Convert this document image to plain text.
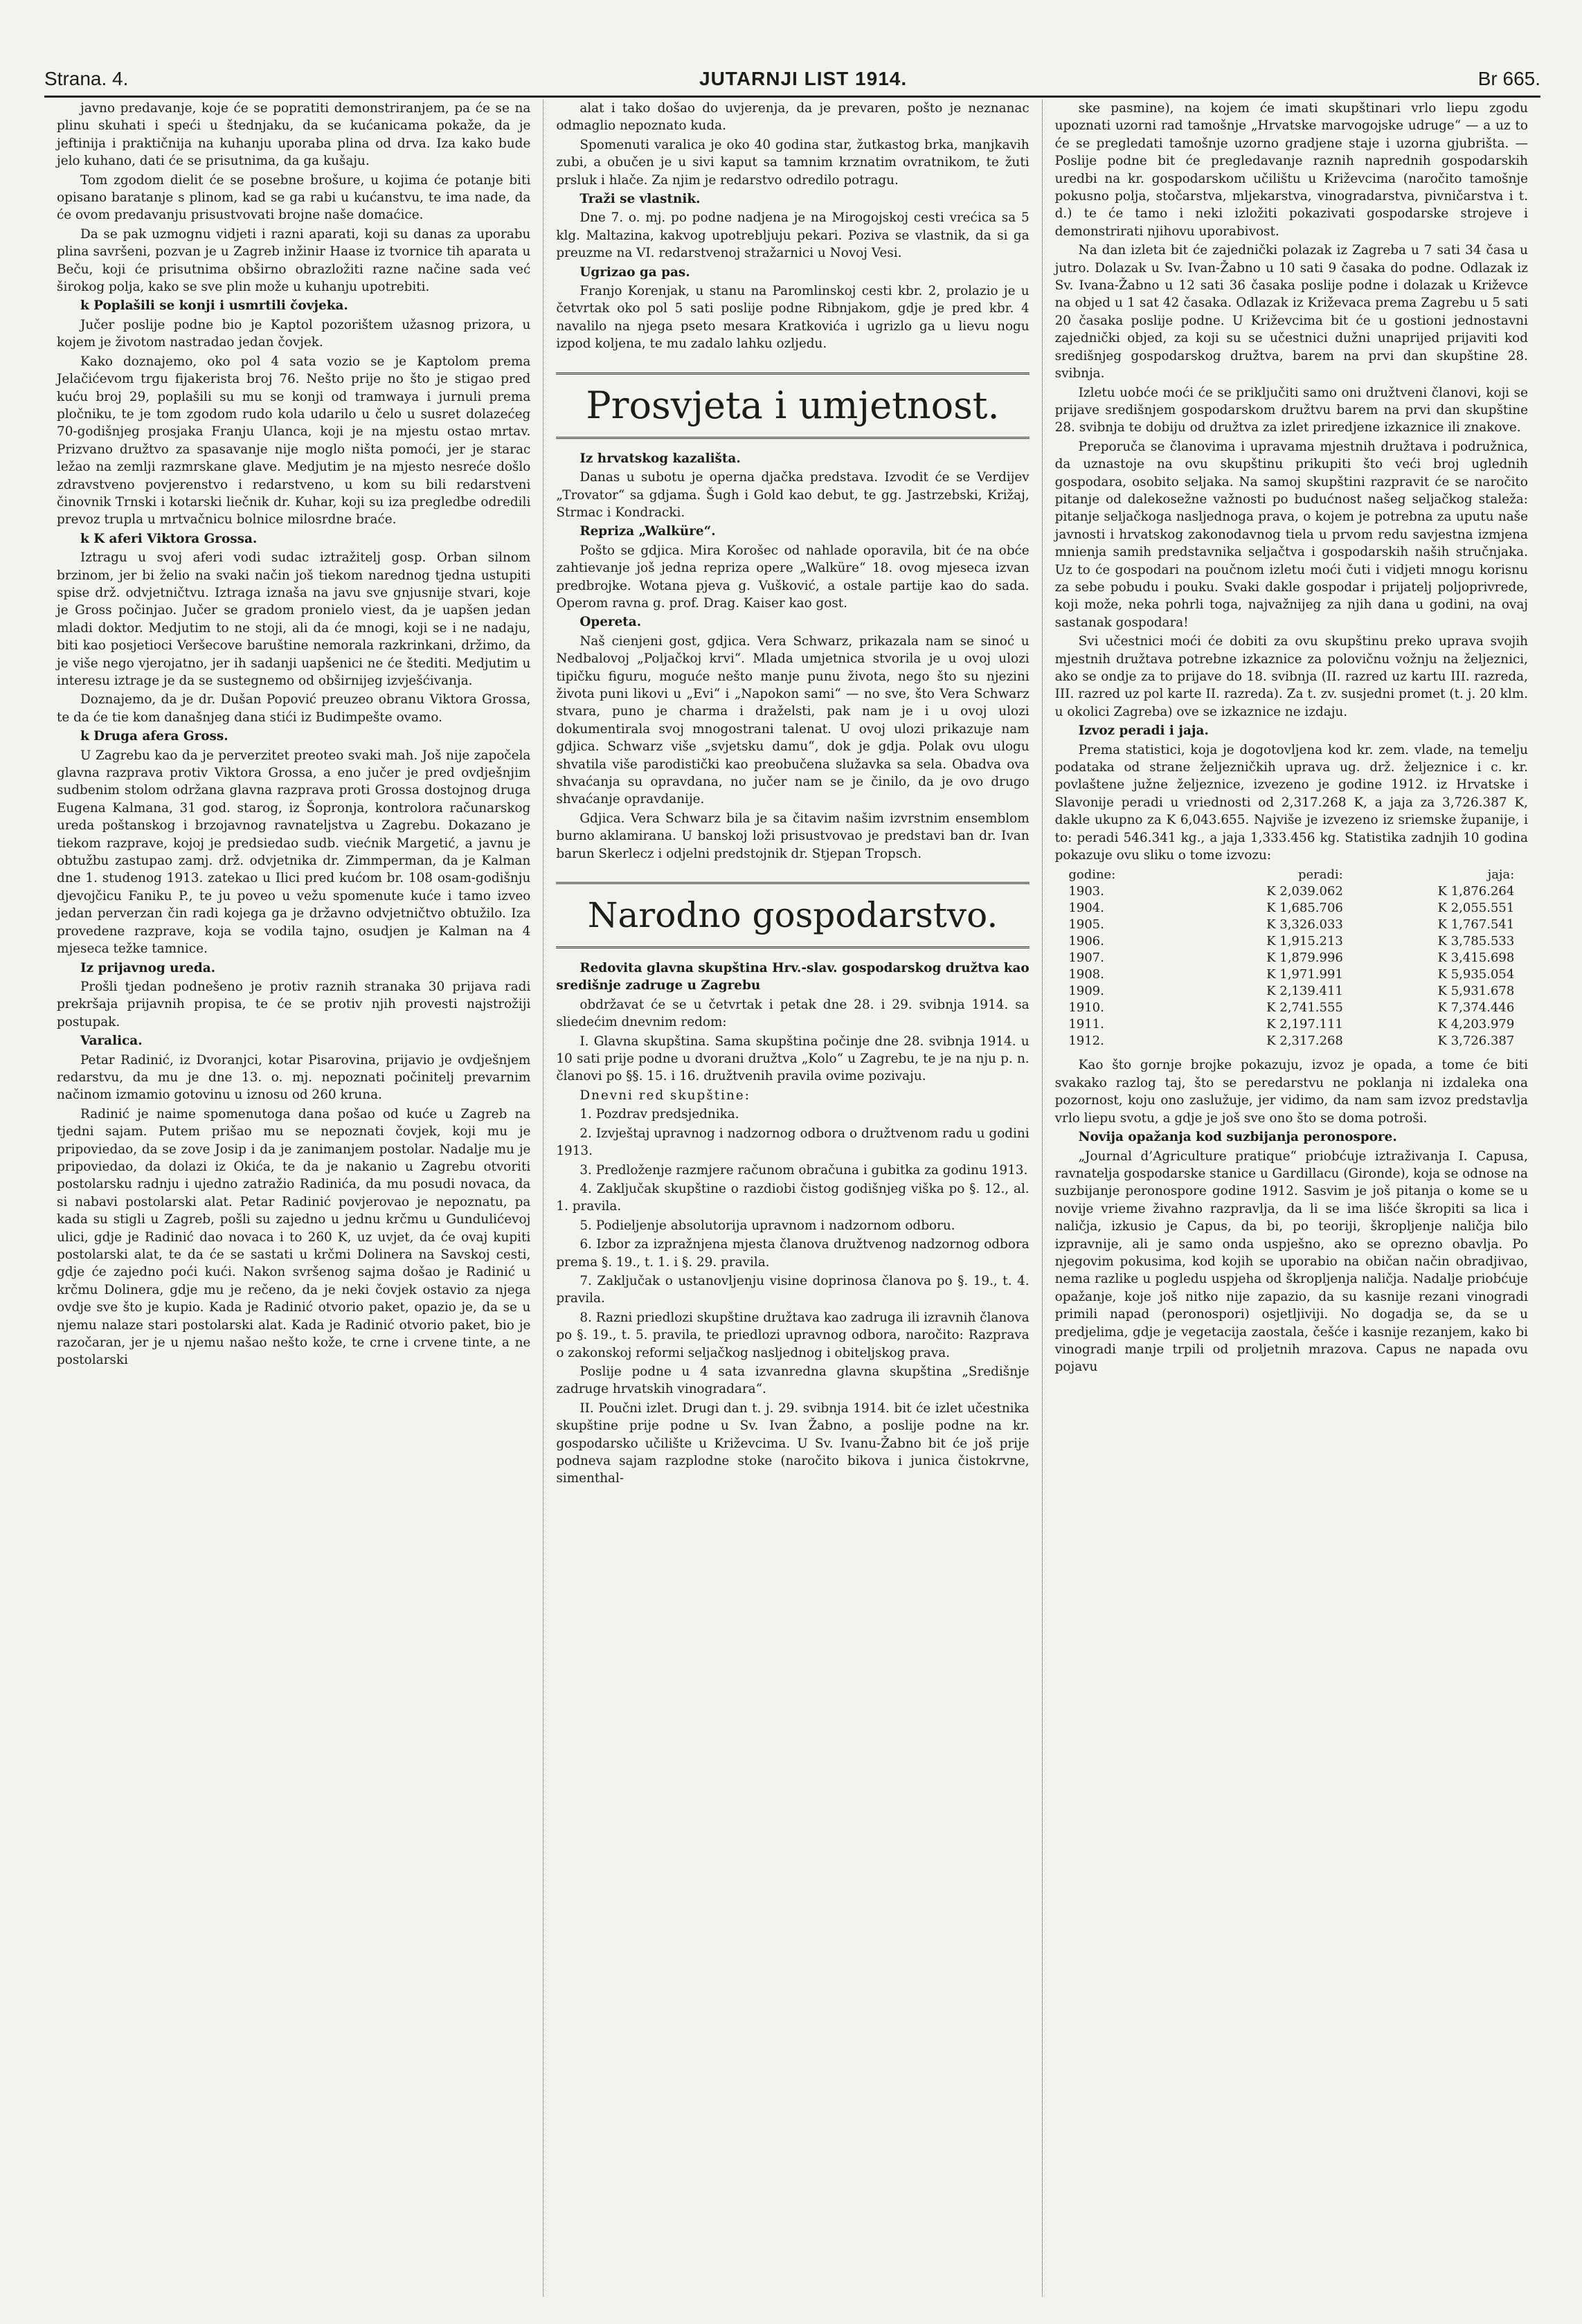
Strana. 4.	JUTARNJI LIST 1914.	Br 665.

javno predavanje, koje će se popratiti demonstriranjem, pa će se na plinu skuhati i speći u štednjaku, da se kućanicama pokaže, da je jeftinija i praktičnija na kuhanju uporaba plina od drva. Iza kako bude jelo kuhano, dati će se prisutnima, da ga kušaju.

Tom zgodom dielit će se posebne brošure, u kojima će potanje biti opisano baratanje s plinom, kad se ga rabi u kućanstvu, te ima nade, da će ovom predavanju prisustvovati brojne naše domaćice.

Da se pak uzmognu vidjeti i razni aparati, koji su danas za uporabu plina savršeni, pozvan je u Zagreb inžinir Haase iz tvornice tih aparata u Beču, koji će prisutnima obširno obrazložiti razne načine sada već širokog polja, kako se sve plin može u kuhanju upotrebiti.

k Poplašili se konji i usmrtili čovjeka.

Jučer poslije podne bio je Kaptol pozorištem užasnog prizora, u kojem je životom nastradao jedan čovjek.

Kako doznajemo, oko pol 4 sata vozio se je Kaptolom prema Jelačićevom trgu fijakerista broj 76. Nešto prije no što je stigao pred kuću broj 29, poplašili su mu se konji od tramwaya i jurnuli prema pločniku, te je tom zgodom rudo kola udarilo u čelo u susret dolazećeg 70-godišnjeg prosjaka Franju Ulanca, koji je na mjestu ostao mrtav. Prizvano družtvo za spasavanje nije moglo ništa pomoći, jer je starac ležao na zemlji razmrskane glave. Medjutim je na mjesto nesreće došlo zdravstveno povjerenstvo i redarstveno, u kom su bili redarstveni činovnik Trnski i kotarski liečnik dr. Kuhar, koji su iza pregledbe odredili prevoz trupla u mrtvačnicu bolnice milosrdne braće.

k K aferi Viktora Grossa.

Iztragu u svoj aferi vodi sudac iztražitelj gosp. Orban silnom brzinom, jer bi želio na svaki način još tiekom narednog tjedna ustupiti spise drž. odvjetničtvu. Iztraga iznaša na javu sve gnjusnije stvari, koje je Gross počinjao. Jučer se gradom pronielo viest, da je uapšen jedan mladi doktor. Medjutim to ne stoji, ali da će mnogi, koji se i ne nadaju, biti kao posjetioci Veršecove baruštine nemorala razkrinkani, držimo, da je više nego vjerojatno, jer ih sadanji uapšenici ne će štediti. Medjutim u interesu iztrage je da se sustegnemo od obširnijeg izvješćivanja.

Doznajemo, da je dr. Dušan Popović preuzeo obranu Viktora Grossa, te da će tie kom današnjeg dana stići iz Budimpešte ovamo.

k Druga afera Gross.

U Zagrebu kao da je perverzitet preoteo svaki mah. Još nije započela glavna razprava protiv Viktora Grossa, a eno jučer je pred ovdješnjim sudbenim stolom održana glavna razprava proti Grossa dostojnog druga Eugena Kalmana, 31 god. starog, iz Šopronja, kontrolora računarskog ureda poštanskog i brzojavnog ravnateljstva u Zagrebu. Dokazano je tiekom razprave, kojoj je predsiedao sudb. viećnik Margetić, a javnu je obtužbu zastupao zamj. drž. odvjetnika dr. Zimmperman, da je Kalman dne 1. studenog 1913. zatekao u Ilici pred kućom br. 108 osam-godišnju djevojčicu Faniku P., te ju poveo u vežu spomenute kuće i tamo izveo jedan perverzan čin radi kojega ga je državno odvjetničtvo obtužilo. Iza provedene razprave, koja se vodila tajno, osudjen je Kalman na 4 mjeseca težke tamnice.

Iz prijavnog ureda.

Prošli tjedan podnešeno je protiv raznih stranaka 30 prijava radi prekršaja prijavnih propisa, te će se protiv njih provesti najstrožiji postupak.

Varalica.

Petar Radinić, iz Dvoranjci, kotar Pisarovina, prijavio je ovdješnjem redarstvu, da mu je dne 13. o. mj. nepoznati počinitelj prevarnim načinom izmamio gotovinu u iznosu od 260 kruna.

Radinić je naime spomenutoga dana pošao od kuće u Zagreb na tjedni sajam. Putem prišao mu se nepoznati čovjek, koji mu je pripoviedao, da se zove Josip i da je zanimanjem postolar. Nadalje mu je pripoviedao, da dolazi iz Okića, te da je nakanio u Zagrebu otvoriti postolarsku radnju i ujedno zatražio Radinića, da mu posudi novaca, da si nabavi postolarski alat. Petar Radinić povjerovao je nepoznatu, pa kada su stigli u Zagreb, pošli su zajedno u jednu krčmu u Gundulićevoj ulici, gdje je Radinić dao novaca i to 260 K, uz uvjet, da će ovaj kupiti postolarski alat, te da će se sastati u krčmi Dolinera na Savskoj cesti, gdje će zajedno poći kući. Nakon svršenog sajma došao je Radinić u krčmu Dolinera, gdje mu je rečeno, da je neki čovjek ostavio za njega ovdje sve što je kupio. Kada je Radinić otvorio paket, opazio je, da se u njemu nalaze stari postolarski alat. Kada je Radinić otvorio paket, bio je razočaran, jer je u njemu našao nešto kože, te crne i crvene tinte, a ne postolarski

alat i tako došao do uvjerenja, da je prevaren, pošto je neznanac odmaglio nepoznato kuda.

Spomenuti varalica je oko 40 godina star, žutkastog brka, manjkavih zubi, a obučen je u sivi kaput sa tamnim krznatim ovratnikom, te žuti prsluk i hlače. Za njim je redarstvo odredilo potragu.

Traži se vlastnik.

Dne 7. o. mj. po podne nadjena je na Mirogojskoj cesti vrećica sa 5 klg. Maltazina, kakvog upotrebljuju pekari. Pozivа se vlastnik, da si ga preuzme na VI. redarstvenoj stražarnici u Novoj Vesi.

Ugrizao ga pas.

Franjo Korenjak, u stanu na Paromlinskoj cesti kbr. 2, prolazio je u četvrtak oko pol 5 sati poslije podne Ribnjakom, gdje je pred kbr. 4 navalilo na njega pseto mesara Kratkovića i ugrizlo ga u lievu nogu izpod koljena, te mu zadalo lahku ozljedu.

Prosvjeta i umjetnost.

Iz hrvatskog kazališta.

Danas u subotu je operna djačka predstava. Izvodit će se Verdijev „Trovator“ sa gdjama. Šugh i Gold kao debut, te gg. Jastrzebski, Križaj, Strmac i Kondracki.

Repriza „Walküre“.

Pošto se gdjica. Mira Korošec od nahlade oporavila, bit će na obće zahtievanje još jedna repriza opere „Walküre“ 18. ovog mjeseca izvan predbrojke. Wotana pjeva g. Vušković, a ostale partije kao do sada. Operom ravna g. prof. Drag. Kaiser kao gost.

Opereta.

Naš cienjeni gost, gdjica. Vera Schwarz, prikazala nam se sinoć u Nedbalovoj „Poljačkoj krvi“. Mlada umjetnica stvorila je u ovoj ulozi tipičku figuru, moguće nešto manje punu života, nego što su njezini života puni likovi u „Evi“ i „Napokon sami“ — no sve, što Vera Schwarz stvara, puno je charma i draželsti, pak nam je i u ovoj ulozi dokumentirala svoj mnogostrani talenat. U ovoj ulozi prikazuje nam gdjica. Schwarz više „svjetsku damu“, dok je gdja. Polak ovu ulogu shvatila više parodistički kao preobučena služavka sa sela. Obadva ova shvaćanja su opravdana, no jučer nam se je činilo, da je ovo drugo shvaćanje opravdanije.

Gdjica. Vera Schwarz bila je sa čitavim našim izvrstnim ensemblom burno aklamirana. U banskoj loži prisustvovao je predstavi ban dr. Ivan barun Skerlecz i odjelni predstojnik dr. Stjepan Tropsch.

Narodno gospodarstvo.

Redovita glavna skupština Hrv.-slav. gospodarskog družtva kao središnje zadruge u Zagrebu

obdržavat će se u četvrtak i petak dne 28. i 29. svibnja 1914. sa sliedećim dnevnim redom:

I. Glavna skupština. Sama skupština počinje dne 28. svibnja 1914. u 10 sati prije podne u dvorani družtva „Kolo“ u Zagrebu, te je na nju p. n. članovi po §§. 15. i 16. družtvenih pravila ovime pozivaju.

Dnevni red skupštine:

1. Pozdrav predsjednika.

2. Izvještaj upravnog i nadzornog odbora o družtvenom radu u godini 1913.

3. Predloženje razmjere računom obračuna i gubitka za godinu 1913.

4. Zaključak skupštine o razdiobi čistog godišnjeg viška po §. 12., al. 1. pravila.

5. Podieljenje absolutorija upravnom i nadzornom odboru.

6. Izbor za izpražnjena mjesta članova družtvenog nadzornog odbora prema §. 19., t. 1. i §. 29. pravila.

7. Zaključak o ustanovljenju visine doprinosa članova po §. 19., t. 4. pravila.

8. Razni priedlozi skupštine družtava kao zadruga ili izravnih članova po §. 19., t. 5. pravila, te priedlozi upravnog odbora, naročito: Razprava o zakonskoj reformi seljačkog nasljednog i obiteljskog prava.

Poslije podne u 4 sata izvanredna glavna skupština „Središnje zadruge hrvatskih vinogradara“.

II. Poučni izlet. Drugi dan t. j. 29. svibnja 1914. bit će izlet učestnika skupštine prije podne u Sv. Ivan Žabno, a poslije podne na kr. gospodarsko učilište u Križevcima. U Sv. Ivanu-Žabno bit će još prije podneva sajam razplodne stoke (naročito bikova i junica čistokrvne, simenthal-

ske pasmine), na kojem će imati skupštinari vrlo liepu zgodu upoznati uzorni rad tamošnje „Hrvatske marvogojske udruge“ — a uz to će se pregledati tamošnje uzorno gradjene staje i uzorna gjubrišta. — Poslije podne bit će pregledavanje raznih naprednih gospodarskih uredbi na kr. gospodarskom učilištu u Križevcima (naročito tamošnje pokusno polja, stočarstva, mljekarstva, vinogradarstva, pivničarstva i t. d.) te će tamo i neki izložiti pokazivati gospodarske strojeve i demonstrirati njihovu uporabivost.

Na dan izleta bit će zajednički polazak iz Zagreba u 7 sati 34 časa u jutro. Dolazak u Sv. Ivan-Žabno u 10 sati 9 časaka do podne. Odlazak iz Sv. Ivana-Žabno u 12 sati 36 časaka poslije podne i dolazak u Križevce na objed u 1 sat 42 časaka. Odlazak iz Križevaca prema Zagrebu u 5 sati 20 časaka poslije podne. U Križevcima bit će u gostioni jednostavni zajednički objed, za koji su se učestnici dužni unaprijed prijaviti kod središnjeg gospodarskog družtva, barem na prvi dan skupštine 28. svibnja.

Izletu uobće moći će se priključiti samo oni družtveni članovi, koji se prijave središnjem gospodarskom družtvu barem na prvi dan skupštine 28. svibnja te dobiju od družtva za izlet priredjene izkaznice ili znakove.

Preporuča se članovima i upravama mjestnih družtava i podružnica, da uznastoje na ovu skupštinu prikupiti što veći broj uglednih gospodara, osobito seljaka. Na samoj skupštini razpravit će se naročito pitanje od dalekosežne važnosti po budućnost našeg seljačkog staleža: pitanje seljačkoga nasljednoga prava, o kojem je potrebna za uputu naše javnosti i hrvatskog zakonodavnog tiela u prvom redu savjestna izmjena mnienja samih predstavnika seljačtva i gospodarskih naših stručnjaka. Uz to će gospodari na poučnom izletu moći čuti i vidjeti mnogu korisnu za sebe pobudu i pouku. Svaki dakle gospodar i prijatelj poljoprivrede, koji može, neka pohrli toga, najvažnijeg za njih dana u godini, na ovaj sastanak gospodara!

Svi učestnici moći će dobiti za ovu skupštinu preko uprava svojih mjestnih družtava potrebne izkaznice za polovičnu vožnju na željeznici, ako se ondje za to prijave do 18. svibnja (II. razred uz kartu III. razreda, III. razred uz pol karte II. razreda). Za t. zv. susjedni promet (t. j. 20 klm. u okolici Zagreba) ove se izkaznice ne izdaju.

Izvoz peradi i jaja.

Prema statistici, koja je dogotovljena kod kr. zem. vlade, na temelju podataka od strane željezničkih uprava ug. drž. željeznice i c. kr. povlaštene južne željeznice, izvezeno je godine 1912. iz Hrvatske i Slavonije peradi u vriednosti od 2,317.268 K, a jaja za 3,726.387 K, dakle ukupno za K 6,043.655. Najviše je izvezeno iz sriemske županije, i to: peradi 546.341 kg., a jaja 1,333.456 kg. Statistika zadnjih 10 godina pokazuje ovu sliku o tome izvozu:

godine:	peradi:	jaja:
1903.	K 2,039.062	K 1,876.264
1904.	K 1,685.706	K 2,055.551
1905.	K 3,326.033	K 1,767.541
1906.	K 1,915.213	K 3,785.533
1907.	K 1,879.996	K 3,415.698
1908.	K 1,971.991	K 5,935.054
1909.	K 2,139.411	K 5,931.678
1910.	K 2,741.555	K 7,374.446
1911.	K 2,197.111	K 4,203.979
1912.	K 2,317.268	K 3,726.387

Kao što gornje brojke pokazuju, izvoz je opada, a tome će biti svakako razlog taj, što se peredarstvu ne poklanja ni izdaleka ona pozornost, koju ono zaslužuje, jer vidimo, da nam sam izvoz predstavlja vrlo liepu svotu, a gdje je još sve ono što se doma potroši.

Novija opažanja kod suzbijanja peronospore.

„Journal d’Agriculture pratique“ priobćuje iztraživanja I. Capusa, ravnatelja gospodarske stanice u Gardillacu (Gironde), koja se odnose na suzbijanje peronospore godine 1912. Sasvim je još pitanja o kome se u novije vrieme živahno razpravlja, da li se ima lišće škropiti sa lica i naličja, izkusio je Capus, da bi, po teoriji, škropljenje naličja bilo izpravnije, ali je samo onda uspješno, ako se oprezno obavlja. Po njegovim pokusima, kod kojih se uporabio na običan način obradjivao, nema razlike u pogledu uspjeha od škropljenja naličja. Nadalje priobćuje opažanje, koje još nitko nije zapazio, da su kasnije rezani vinogradi primili napad (peronospori) osjetljiviji. No dogadja se, da se u predjelima, gdje je vegetacija zaostala, češće i kasnije rezanjem, kako bi vinogradi manje trpili od proljetnih mrazova. Capus ne napada ovu pojavu
